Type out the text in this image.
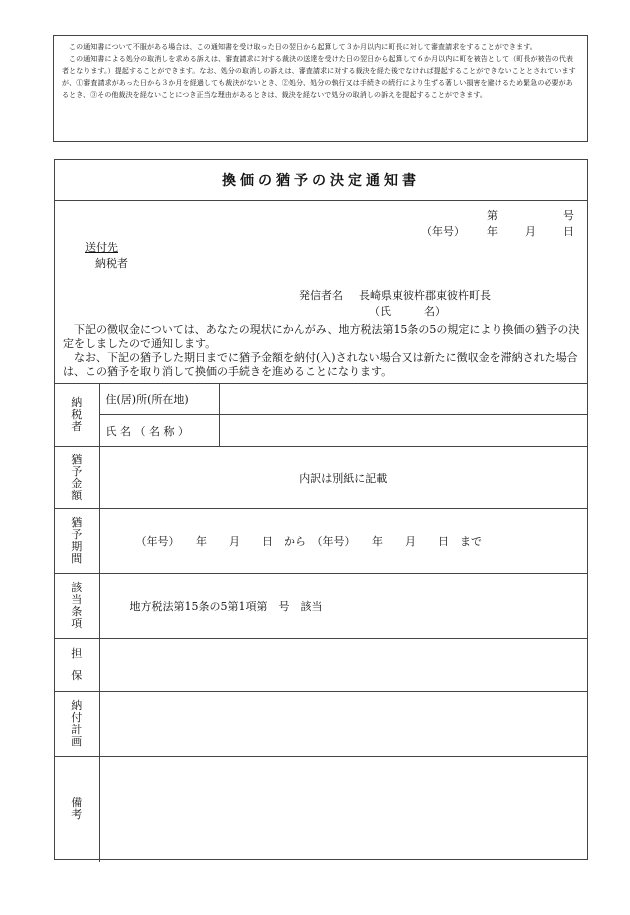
この通知書について不服がある場合は、この通知書を受け取った日の翌日から起算して３か月以内に町長に対して審査請求をすることができます。

この通知書による処分の取消しを求める訴えは、審査請求に対する裁決の送達を受けた日の翌日から起算して６か月以内に町を被告として（町長が被告の代表者となります。）提起することができます。なお、処分の取消しの訴えは、審査請求に対する裁決を経た後でなければ提起することができないこととされていますが、①審査請求があった日から３か月を経過しても裁決がないとき、②処分、処分の執行又は手続きの続行により生ずる著しい損害を避けるため緊急の必要があるとき、③その他裁決を経ないことにつき正当な理由があるときは、裁決を経ないで処分の取消しの訴えを提起することができます。

換価の猶予の決定通知書
第	号
（年号） 年 月 日
送付先
納税者
発信者名 長崎県東彼杵郡東彼杵町長
（氏　　　名）

下記の徴収金については、あなたの現状にかんがみ、地方税法第15条の5の規定により換価の猶予の決定をしましたので通知します。

なお、下記の猶予した期日までに猶予金額を納付(入)されない場合又は新たに徴収金を滞納された場合は、この猶予を取り消して換価の手続きを進めることになります。

納
税
者	住(居)所(所在地)	
	氏 名 （ 名 称 ）	

猶
予
金
額	内訳は別紙に記載	

猶
予
期
間	（年号）　　年　　月　　日　から　（年号）　　年　　月　　日　まで	

該
当
条
項	地方税法第15条の5第1項第　号　該当	

担
保		

納
付
計
画		

備
考		
